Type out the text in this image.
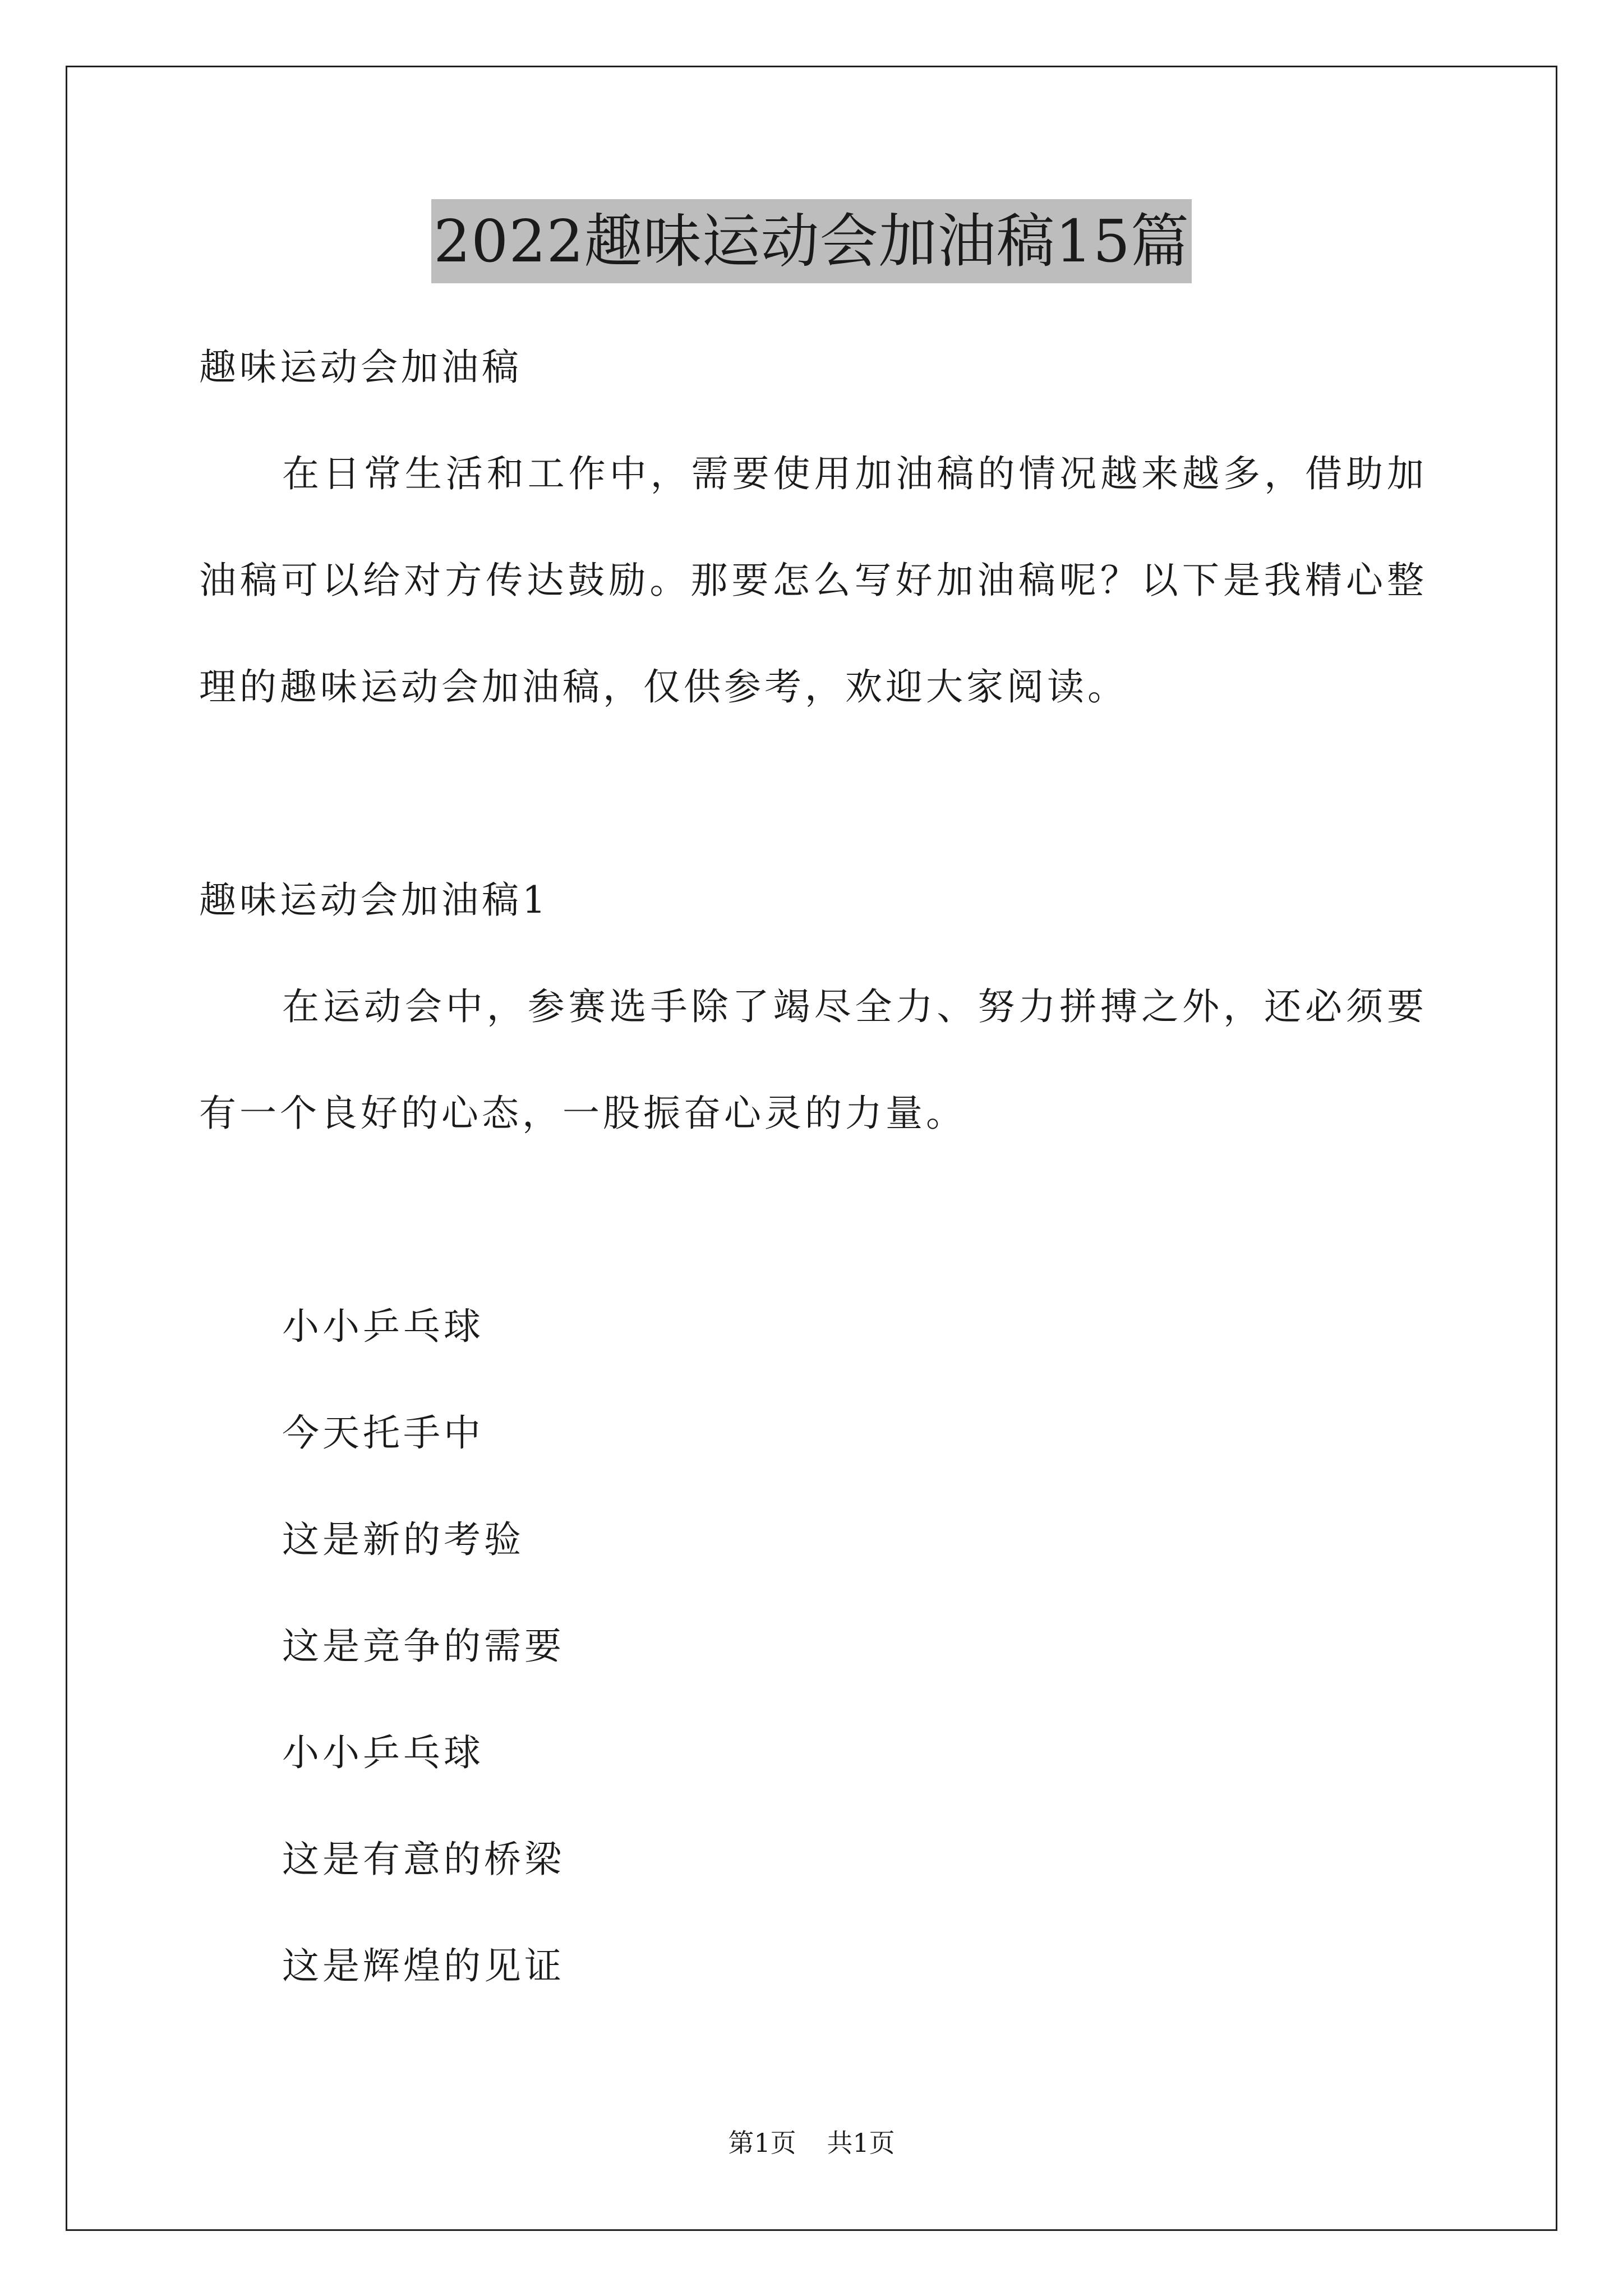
2022趣味运动会加油稿15篇
趣味运动会加油稿
在日常生活和工作中，需要使用加油稿的情况越来越多，借助加
油稿可以给对方传达鼓励。那要怎么写好加油稿呢？以下是我精心整
理的趣味运动会加油稿，仅供参考，欢迎大家阅读。
趣味运动会加油稿1
在运动会中，参赛选手除了竭尽全力、努力拼搏之外，还必须要
有一个良好的心态，一股振奋心灵的力量。
小小乒乓球
今天托手中
这是新的考验
这是竞争的需要
小小乒乓球
这是有意的桥梁
这是辉煌的见证
第1页 共1页
